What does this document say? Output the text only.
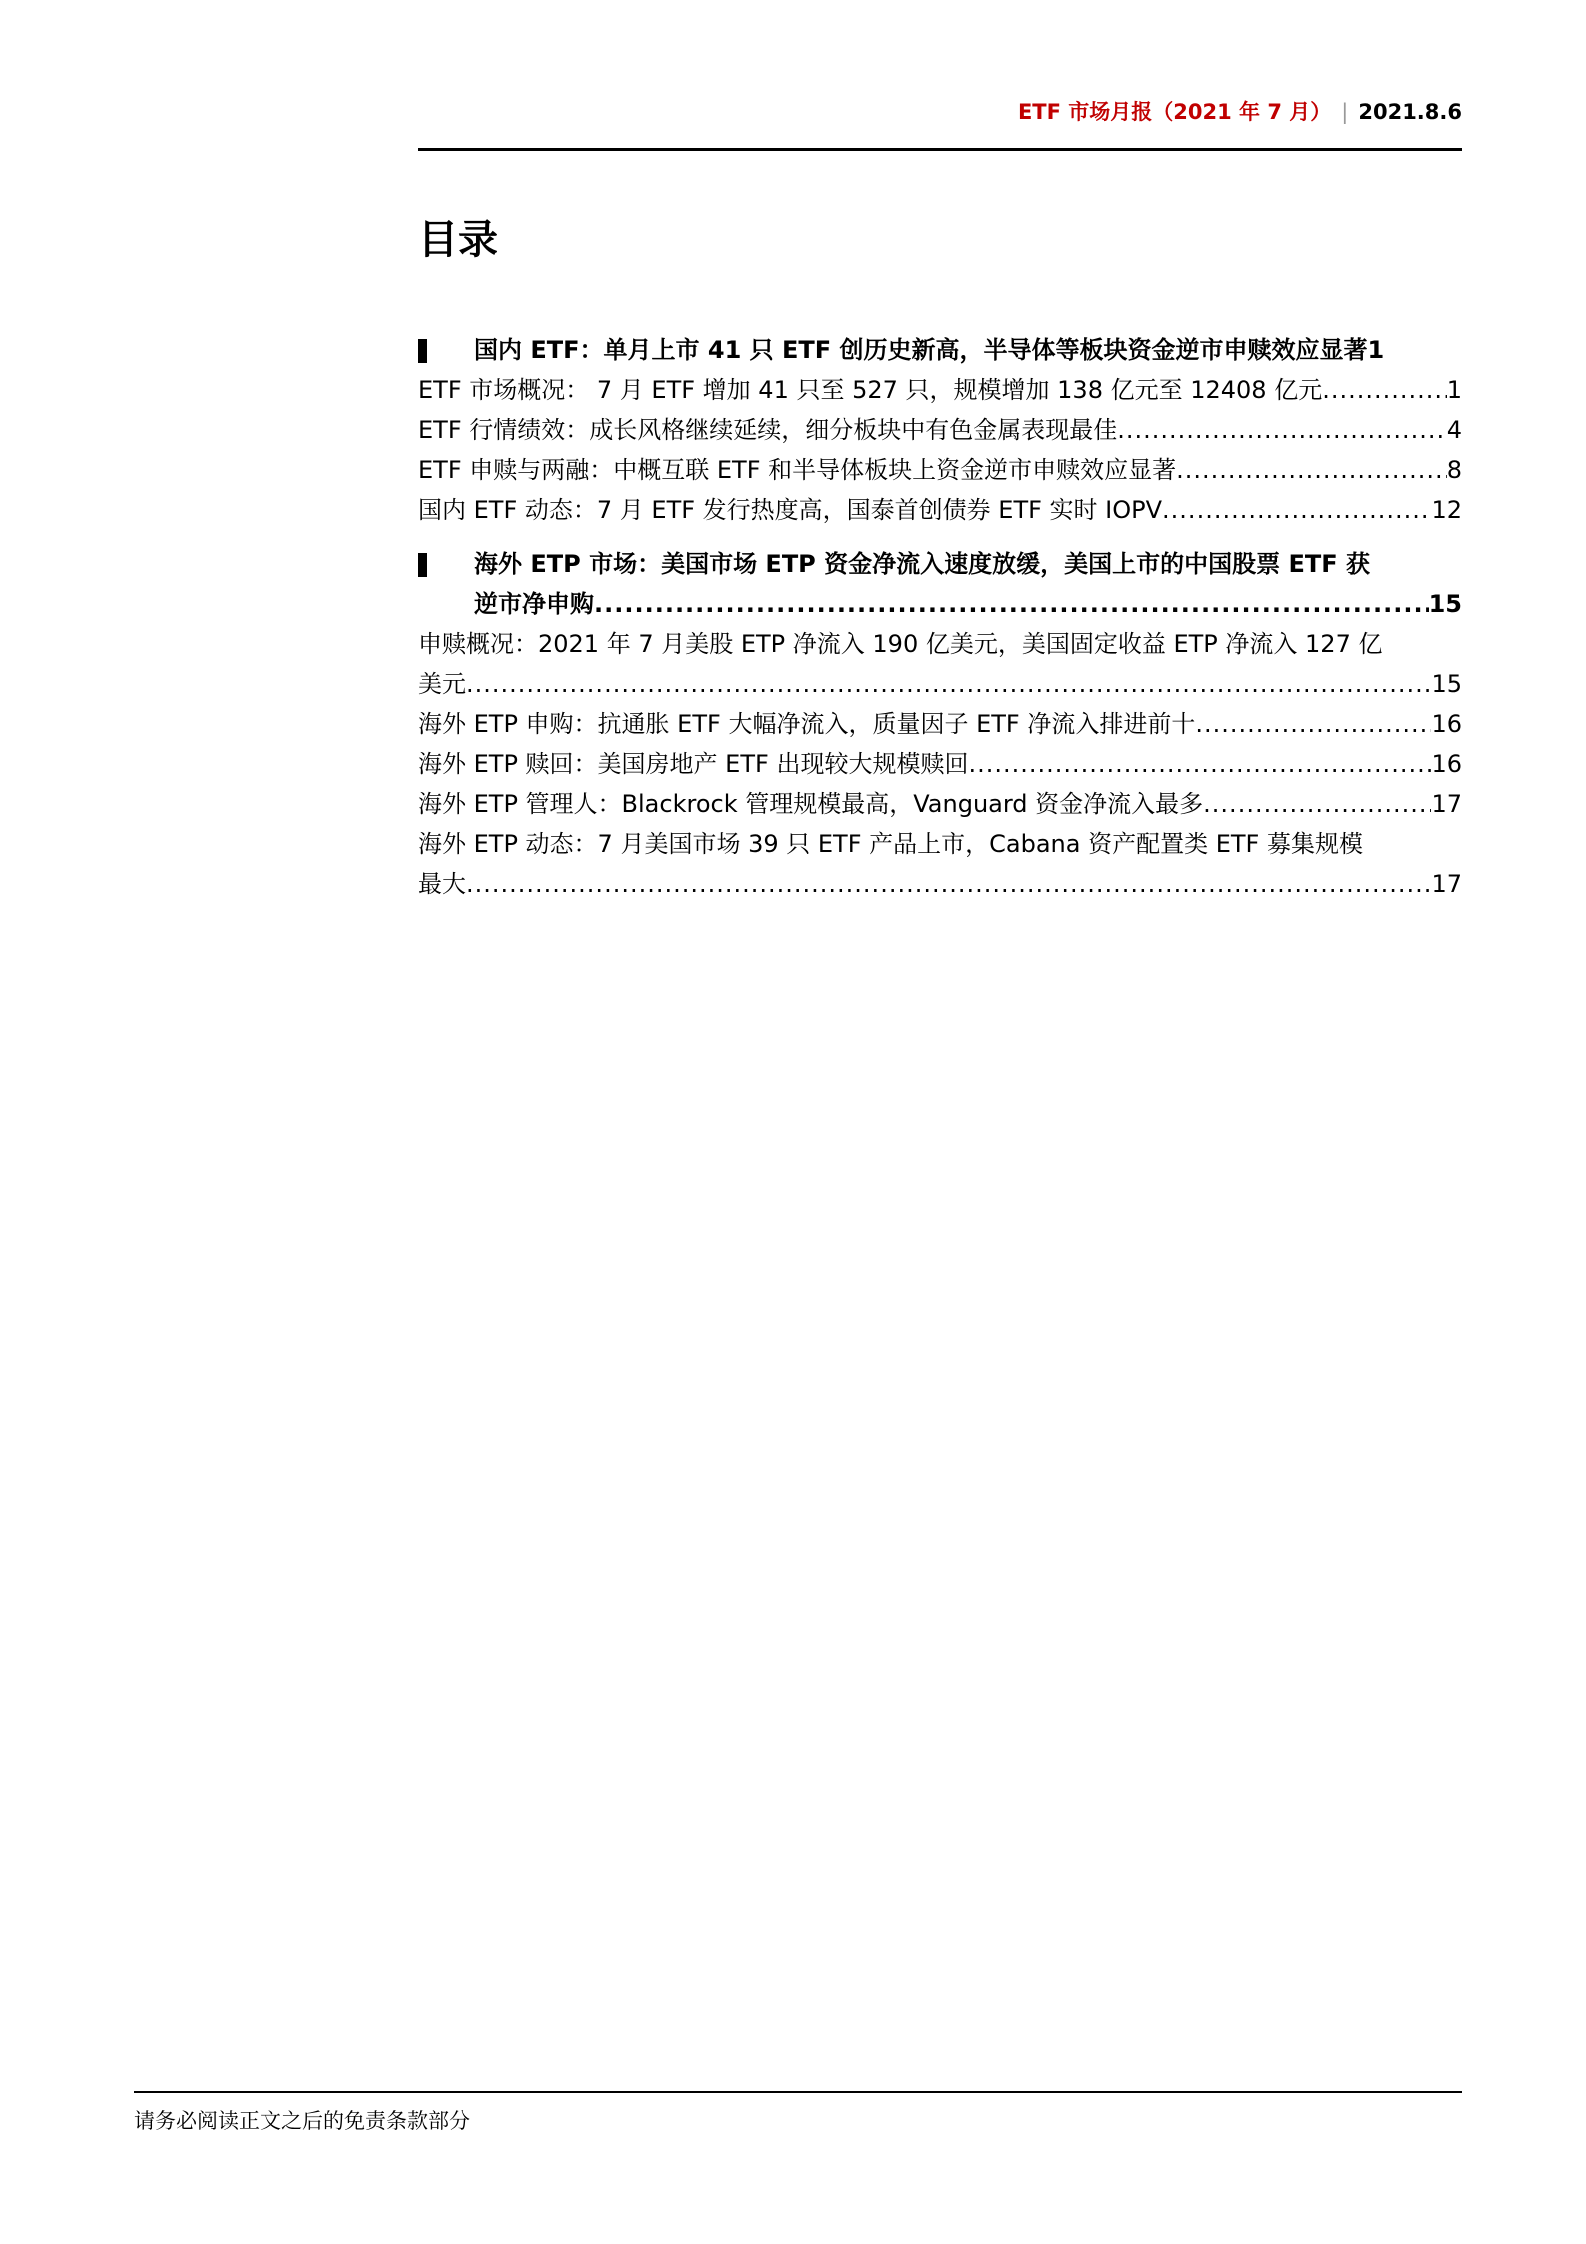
ETF 市场月报（2021 年 7 月） | 2021.8.6
目录
国内 ETF：单月上市 41 只 ETF 创历史新高，半导体等板块资金逆市申赎效应显著 1
ETF 市场概况： 7 月 ETF 增加 41 只至 527 只，规模增加 138 亿元至 12408 亿元 .....	1
ETF 行情绩效：成长风格继续延续，细分板块中有色金属表现最佳 .....	4
ETF 申赎与两融：中概互联 ETF 和半导体板块上资金逆市申赎效应显著 .....	8
国内 ETF 动态：7 月 ETF 发行热度高，国泰首创债券 ETF 实时 IOPV .....	12
海外 ETP 市场：美国市场 ETP 资金净流入速度放缓，美国上市的中国股票 ETF 获
逆市净申购 .....	15
申赎概况：2021 年 7 月美股 ETP 净流入 190 亿美元，美国固定收益 ETP 净流入 127 亿
美元 .....	15
海外 ETP 申购：抗通胀 ETF 大幅净流入，质量因子 ETF 净流入排进前十 .....	16
海外 ETP 赎回：美国房地产 ETF 出现较大规模赎回 .....	16
海外 ETP 管理人：Blackrock 管理规模最高，Vanguard 资金净流入最多 .....	17
海外 ETP 动态：7 月美国市场 39 只 ETF 产品上市，Cabana 资产配置类 ETF 募集规模
最大 .....	17
请务必阅读正文之后的免责条款部分
